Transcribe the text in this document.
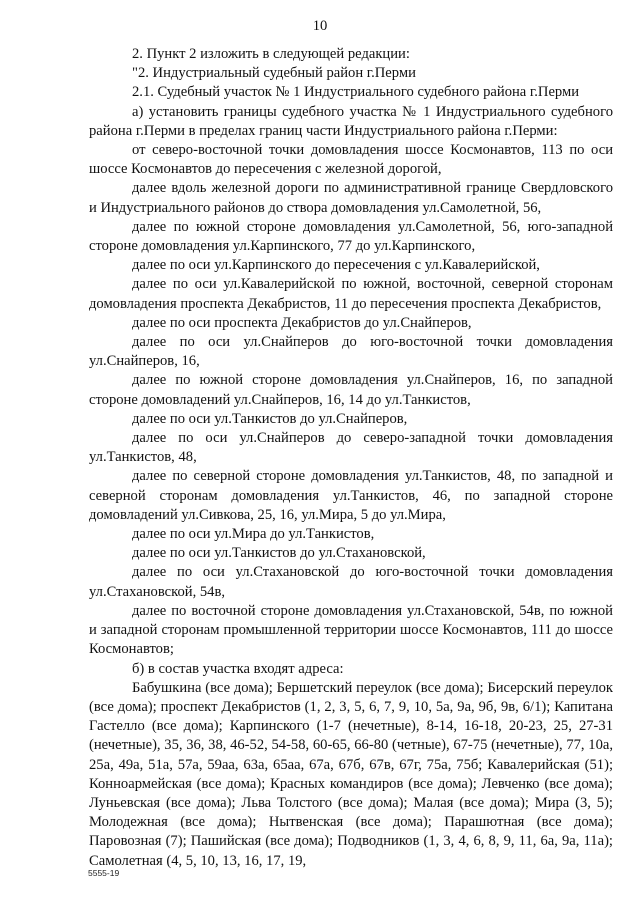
10

2. Пункт 2 изложить в следующей редакции:

"2. Индустриальный судебный район г.Перми

2.1. Судебный участок № 1 Индустриального судебного района г.Перми

а) установить границы судебного участка № 1 Индустриального судебного района г.Перми в пределах границ части Индустриального района г.Перми:

от северо-восточной точки домовладения шоссе Космонавтов, 113 по оси шоссе Космонавтов до пересечения с железной дорогой,

далее вдоль железной дороги по административной границе Свердловского и Индустриального районов до створа домовладения ул.Самолетной, 56,

далее по южной стороне домовладения ул.Самолетной, 56, юго-западной стороне домовладения ул.Карпинского, 77 до ул.Карпинского,

далее по оси ул.Карпинского до пересечения с ул.Кавалерийской,

далее по оси ул.Кавалерийской по южной, восточной, северной сторонам домовладения проспекта Декабристов, 11 до пересечения проспекта Декабристов,

далее по оси проспекта Декабристов до ул.Снайперов,

далее по оси ул.Снайперов до юго-восточной точки домовладения ул.Снайперов, 16,

далее по южной стороне домовладения ул.Снайперов, 16, по западной стороне домовладений ул.Снайперов, 16, 14 до ул.Танкистов,

далее по оси ул.Танкистов до ул.Снайперов,

далее по оси ул.Снайперов до северо-западной точки домовладения ул.Танкистов, 48,

далее по северной стороне домовладения ул.Танкистов, 48, по западной и северной сторонам домовладения ул.Танкистов, 46, по западной стороне домовладений ул.Сивкова, 25, 16, ул.Мира, 5 до ул.Мира,

далее по оси ул.Мира до ул.Танкистов,

далее по оси ул.Танкистов до ул.Стахановской,

далее по оси ул.Стахановской до юго-восточной точки домовладения ул.Стахановской, 54в,

далее по восточной стороне домовладения ул.Стахановской, 54в, по южной и западной сторонам промышленной территории шоссе Космонавтов, 111 до шоссе Космонавтов;

б) в состав участка входят адреса:

Бабушкина (все дома); Бершетский переулок (все дома); Бисерский переулок (все дома); проспект Декабристов (1, 2, 3, 5, 6, 7, 9, 10, 5а, 9а, 9б, 9в, 6/1); Капитана Гастелло (все дома); Карпинского (1-7 (нечетные), 8-14, 16-18, 20-23, 25, 27-31 (нечетные), 35, 36, 38, 46-52, 54-58, 60-65, 66-80 (четные), 67-75 (нечетные), 77, 10а, 25а, 49а, 51а, 57а, 59аа, 63а, 65аа, 67а, 67б, 67в, 67г, 75а, 75б; Кавалерийская (51); Конноармейская (все дома); Красных командиров (все дома); Левченко (все дома); Луньевская (все дома); Льва Толстого (все дома); Малая (все дома); Мира (3, 5); Молодежная (все дома); Нытвенская (все дома); Парашютная (все дома); Паровозная (7); Пашийская (все дома); Подводников (1, 3, 4, 6, 8, 9, 11, 6а, 9а, 11а); Самолетная (4, 5, 10, 13, 16, 17, 19,

5555-19
